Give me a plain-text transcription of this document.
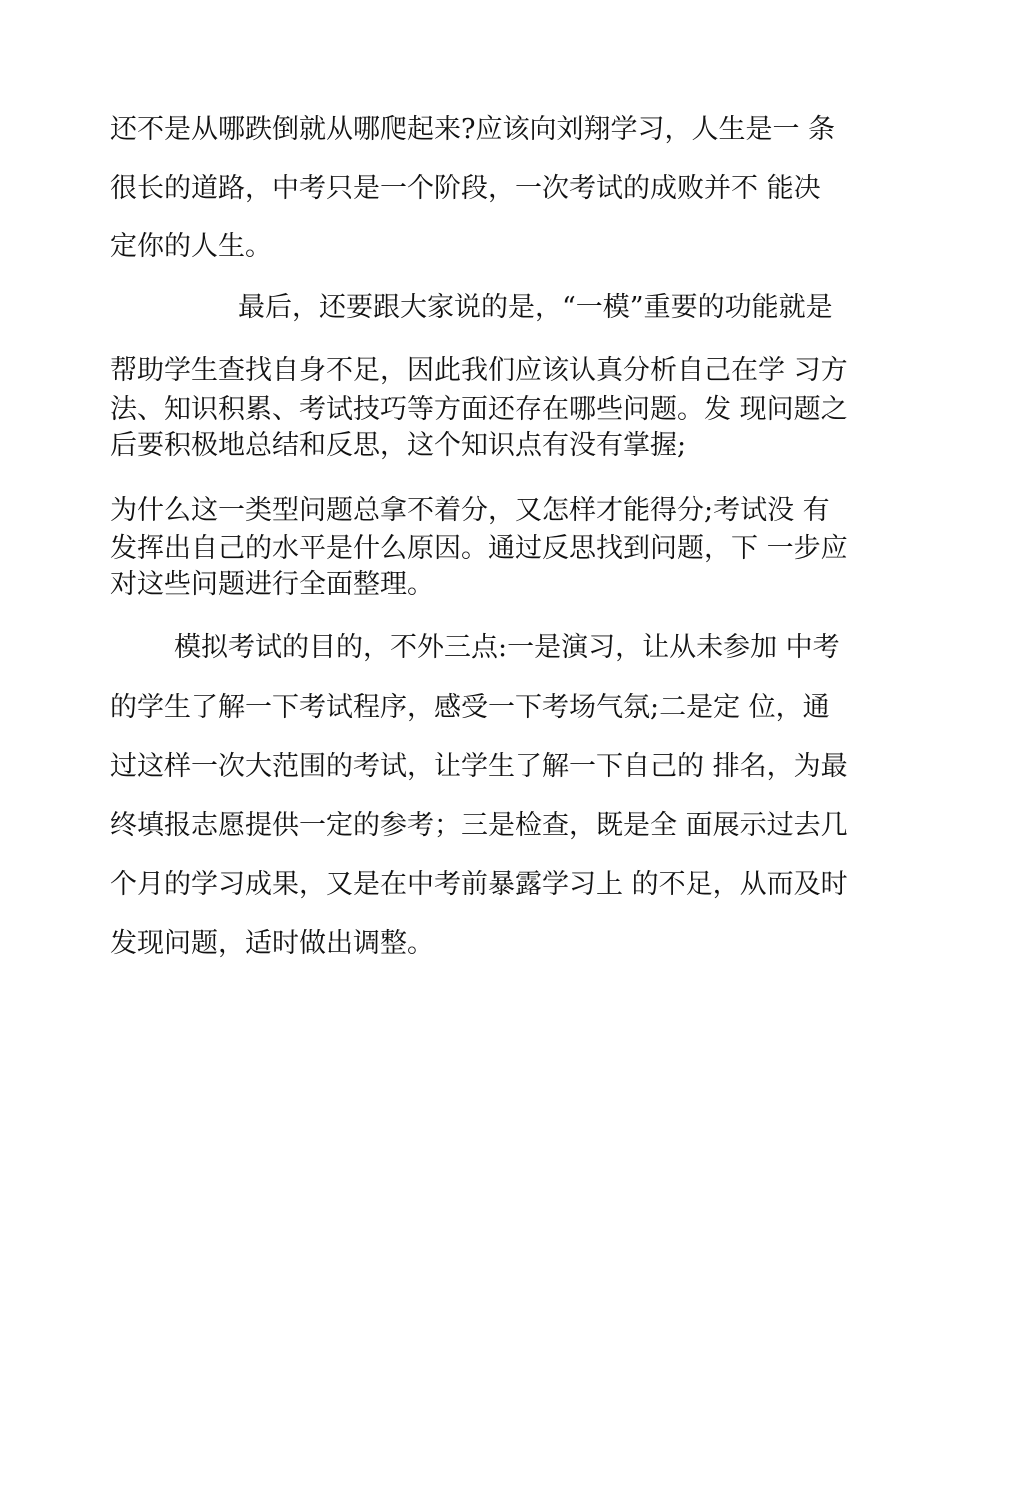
还不是从哪跌倒就从哪爬起来?应该向刘翔学习，人生是一 条
很长的道路，中考只是一个阶段，一次考试的成败并不 能决
定你的人生。
最后，还要跟大家说的是，“一模”重要的功能就是
帮助学生查找自身不足，因此我们应该认真分析自己在学 习方
法、知识积累、考试技巧等方面还存在哪些问题。发 现问题之
后要积极地总结和反思，这个知识点有没有掌握;
为什么这一类型问题总拿不着分，又怎样才能得分;考试没 有
发挥出自己的水平是什么原因。通过反思找到问题，下 一步应
对这些问题进行全面整理。
模拟考试的目的，不外三点:一是演习，让从未参加 中考
的学生了解一下考试程序，感受一下考场气氛;二是定 位，通
过这样一次大范围的考试，让学生了解一下自己的 排名，为最
终填报志愿提供一定的参考；三是检查，既是全 面展示过去几
个月的学习成果，又是在中考前暴露学习上 的不足，从而及时
发现问题，适时做出调整。
